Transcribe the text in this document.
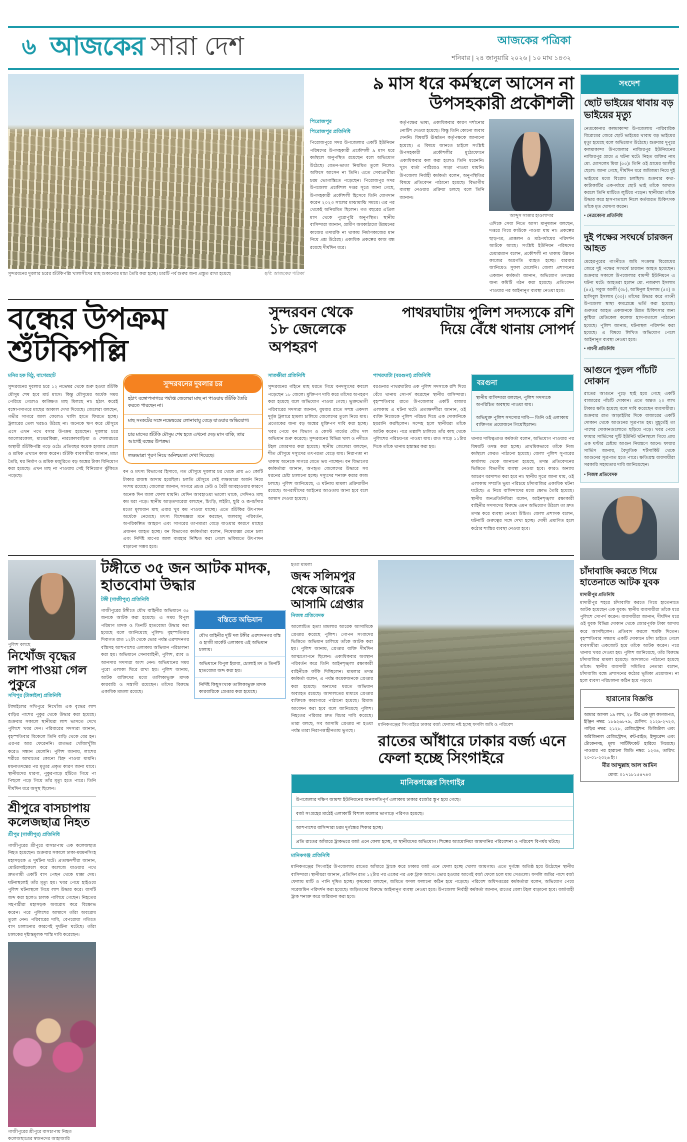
৬ আজকের সারা দেশ	আজকের পত্রিকা
শনিবার | ২৪ জানুয়ারি ২০২৬ | ১০ মাঘ ১৪৩২
ছবি: আজকের পত্রিকা
সুন্দরবনের দুবলার চরের শুঁটকিপল্লি খালাসীদের মাছ শুকানোর মাচা তৈরি করা হচ্ছে। চারটি পর্ব শুরুর জন্য প্রস্তুত রাখা হয়েছে
৯ মাস ধরে কর্মস্থলে আসেন না উপসহকারী প্রকৌশলী
পিরোজপুর
পিরোজপুর প্রতিনিধি
পিরোজপুরে সদর উপজেলার একটি ইউনিয়ন পরিষদের উপসহকারী প্রকৌশলী ৯ মাস ধরে কর্মস্থলে অনুপস্থিত রয়েছেন বলে অভিযোগ উঠেছে। বেতন-ভাতা নিয়মিত তুলে নিলেও অফিসে আসেন না তিনি। এতে সেবাপ্রার্থীরা চরম ভোগান্তিতে পড়েছেন। পিরোজপুর সদর উপজেলা প্রকৌশল দপ্তর সূত্রে জানা গেছে, উপসহকারী প্রকৌশলী হিসেবে তিনি যোগদান করেন ২০২৩ সালের মাঝামাঝি সময়ে। এর পর থেকেই অনিয়মিত ছিলেন। গত বছরের এপ্রিল মাস থেকে পুরোপুরি অনুপস্থিত। স্থানীয় বাসিন্দারা জানান, গ্রামীণ অবকাঠামো উন্নয়নের কাজের তদারকি না থাকায় নির্মাণকাজের মান নিয়ে প্রশ্ন উঠেছে। একাধিক প্রকল্পের কাজ বন্ধ রয়েছে দীর্ঘদিন ধরে।
কর্তৃপক্ষের ভাষ্য, একাধিকবার কারণ দর্শানোর নোটিশ দেওয়া হয়েছে। কিন্তু তিনি কোনো জবাব দেননি। বিষয়টি ঊর্ধ্বতন কর্তৃপক্ষকে জানানো হয়েছে। এ বিষয়ে জানতে চাইলে সংশ্লিষ্ট উপসহকারী প্রকৌশলীর মুঠোফোনে একাধিকবার কল করা হলেও তিনি ধরেননি। খুদে বার্তা পাঠিয়েও সাড়া পাওয়া যায়নি। উপজেলা নির্বাহী কর্মকর্তা বলেন, অনুপস্থিতির বিষয়ে প্রতিবেদন পাঠানো হয়েছে। বিভাগীয় ব্যবস্থা নেওয়ার প্রক্রিয়া চলছে বলে তিনি জানান।
আব্দুস সাত্তার হাওলাদার
এদিকে সেবা নিতে আসা মানুষজন বলছেন, দপ্তরে গিয়ে কাউকে পাওয়া যায় না। প্রকল্পের ছাড়পত্র, প্রাক্কলন ও মাঠপর্যায়ের পরিদর্শন আটকে আছে। সংশ্লিষ্ট ইউনিয়ন পরিষদের চেয়ারম্যান বলেন, প্রকৌশলী না থাকায় উন্নয়ন কাজের অগ্রগতি ব্যাহত হচ্ছে। বারবার জানিয়েও সুফল মেলেনি। জেলা প্রশাসনের একজন কর্মকর্তা জানান, অভিযোগ তদন্তের জন্য কমিটি গঠন করা হয়েছে। প্রতিবেদন পাওয়ার পর আইনানুগ ব্যবস্থা নেওয়া হবে।
বন্ধের উপক্রম শুঁটকিপল্লি
সুন্দরবন থেকে ১৮ জেলেকে অপহরণ
পাথরঘাটায় পুলিশ সদস্যকে রশি দিয়ে বেঁধে থানায় সোপর্দ
মনির হক মিঠু, বাগেরহাট
সুন্দরবনের দুবলার চরে ১২ নভেম্বর থেকে শুরু হওয়া শুঁটকি মৌসুম শেষ হবে মার্চ মাসে। কিন্তু মৌসুমের অর্ধেক সময় পেরিয়ে গেলেও কাঙ্ক্ষিত মাছ মিলছে না। হঠাৎ করেই বঙ্গোপসাগরে মাছের আকাল দেখা দিয়েছে। জেলেরা বলছেন, গভীর সাগরে জাল ফেলেও খালি হাতে ফিরতে হচ্ছে। ট্রলারের তেল খরচও উঠছে না। অনেকে ঋণ করে মৌসুমে এসে এখন পথে বসার উপক্রম হয়েছেন। দুবলার চরে আলোরকোল, মাঝেরকিল্লা, নারকেলবাড়িয়া ও শেলারচরে অস্থায়ী শুঁটকিপল্লি গড়ে ওঠে। প্রতিবছর কয়েক হাজার জেলে ও শ্রমিক এখানে কাজ করেন। শুঁটকি ব্যবসায়ীরা জানান, মাচা তৈরি, ঘর নির্মাণ ও শ্রমিক মজুরিতে বড় অঙ্কের টাকা বিনিয়োগ করা হয়েছে। এখন মাছ না পাওয়ায় সেই বিনিয়োগ ঝুঁকিতে পড়েছে।
সুন্দরবনের দুবলার চর
হঠাৎ বঙ্গোপসাগরে পর্যাপ্ত জেলেরা মাছ না পাওয়ায় শুঁটকি তৈরি করতে পারছেন না।
মাছ সংকটের সঙ্গে নভেম্বরের লোনাবায়ু বেড়ে যাওয়ার অভিযোগ।
চার মাসের শুঁটকি মৌসুম শেষ হতে এখনো দেড় মাস বাকি, তার আগেই বন্ধের উপক্রম।
লক্ষ্যমাত্রা পূরণ নিয়ে অনিশ্চয়তা দেখা দিয়েছে।
বন ও মৎস্য বিভাগের হিসাবে, গত মৌসুমে দুবলার চর থেকে প্রায় ৬০ কোটি টাকার রাজস্ব আদায় হয়েছিল। চলতি মৌসুমে সেই লক্ষ্যমাত্রা অর্জন নিয়ে সংশয় রয়েছে। জেলেরা জানান, সাগরে প্রচণ্ড ঢেউ ও বৈরী আবহাওয়ার কারণে অনেক দিন জাল ফেলা যায়নি। যেদিন আবহাওয়া ভালো থাকে, সেদিনও মাছ কম ধরা পড়ে। স্থানীয় আড়তদারেরা বলছেন, চিংড়ি, লইট্যা, ছুরি ও রূপচাঁদার মতো মূল্যবান মাছ এবার খুব কম পাওয়া যাচ্ছে। এতে শুঁটকির উৎপাদন অর্ধেকে নেমেছে। মৎস্য বিশেষজ্ঞরা মনে করছেন, জলবায়ু পরিবর্তন, অপরিকল্পিত আহরণ এবং সাগরের তাপমাত্রা বেড়ে যাওয়ার কারণে মাছের প্রজনন ব্যাহত হচ্ছে। বন বিভাগের কর্মকর্তারা বলেন, নিষেধাজ্ঞা মেনে চলা এবং নির্দিষ্ট মাপের জাল ব্যবহার নিশ্চিত করা গেলে ভবিষ্যতে উৎপাদন বাড়ানো সম্ভব হবে।
সাতক্ষীরা প্রতিনিধি
সুন্দরবনের গহিনে মাছ ধরতে গিয়ে বনদস্যুদের কবলে পড়েছেন ১৮ জেলে। মুক্তিপণ দাবি করে তাঁদের অপহরণ করা হয়েছে বলে অভিযোগ পাওয়া গেছে। ভুক্তভোগী পরিবারের সদস্যরা জানান, বুধবার রাতে সশস্ত্র একদল দুর্বৃত্ত ট্রলারে হামলা চালিয়ে জেলেদের তুলে নিয়ে যায়। প্রত্যেকের জন্য বড় অঙ্কের মুক্তিপণ দাবি করা হচ্ছে। খবর পেয়ে বন বিভাগ ও কোস্ট গার্ডের যৌথ দল অভিযান শুরু করেছে। সুন্দরবনের বিভিন্ন খাল ও নদীতে টহল জোরদার করা হয়েছে। স্থানীয় জেলেরা বলছেন, শীত মৌসুমে দস্যুদের তৎপরতা বেড়ে যায়। নিরাপত্তা না থাকায় অনেকে সাগরে যেতে ভয় পাচ্ছেন। বন বিভাগের কর্মকর্তারা জানান, অপহৃত জেলেদের উদ্ধারে সব ধরনের চেষ্টা চালানো হচ্ছে। দস্যুদের শনাক্ত করার কাজ চলছে। পুলিশ জানিয়েছে, এ ঘটনায় মামলা প্রক্রিয়াধীন রয়েছে। অপরাধীদের আইনের আওতায় আনা হবে বলে আশ্বাস দেওয়া হয়েছে।
পাথরঘাটা (বরগুনা) প্রতিনিধি
বরগুনার পাথরঘাটায় এক পুলিশ সদস্যকে রশি দিয়ে বেঁধে থানায় সোপর্দ করেছেন স্থানীয় বাসিন্দারা। বৃহস্পতিবার রাতে উপজেলার একটি বাজার এলাকায় এ ঘটনা ঘটে। প্রত্যক্ষদর্শীরা জানান, ওই ব্যক্তি নিজেকে পুলিশ পরিচয় দিয়ে এক দোকানিকে হয়রানি করছিলেন। সন্দেহ হলে স্থানীয়রা তাঁকে আটক করেন। পরে তল্লাশি চালিয়ে তাঁর কাছ থেকে পুলিশের পরিচয়পত্র পাওয়া যায়। রাত সাড়ে ১১টার দিকে তাঁকে থানায় হস্তান্তর করা হয়।
বরগুনা
স্থানীয় বাসিন্দারা বলছেন, পুলিশ সদস্যকে অপরিচিত অবস্থায় পাওয়া যায়।
অভিযুক্ত পুলিশ সদস্যের দাবি— তিনি ওই এলাকায় ব্যক্তিগত প্রয়োজনে গিয়েছিলেন।
থানার দায়িত্বপ্রাপ্ত কর্মকর্তা বলেন, অভিযোগ পাওয়ার পর বিষয়টি তদন্ত করা হচ্ছে। প্রাথমিকভাবে তাঁকে নিজ কর্মস্থলে ফেরত পাঠানো হয়েছে। জেলা পুলিশ সুপারের কার্যালয় থেকে জানানো হয়েছে, তদন্ত প্রতিবেদনের ভিত্তিতে বিভাগীয় ব্যবস্থা নেওয়া হবে। কারও অন্যায় আচরণ বরদাশত করা হবে না। স্থানীয় সূত্রে জানা যায়, ওই এলাকায় সম্প্রতি ভুয়া পরিচয়ে চাঁদাবাজির একাধিক ঘটনা ঘটেছে। এ নিয়ে বাসিন্দাদের মধ্যে ক্ষোভ তৈরি হয়েছে। স্থানীয় জনপ্রতিনিধিরা বলেন, আইনশৃঙ্খলা রক্ষাকারী বাহিনীর সদস্যদের বিরুদ্ধে এমন অভিযোগ উঠলে তা দ্রুত তদন্ত করে ব্যবস্থা নেওয়া উচিত। জেলা প্রশাসক বলেন, ঘটনাটি গুরুত্বের সঙ্গে দেখা হচ্ছে। দোষী প্রমাণিত হলে কঠোর শাস্তির ব্যবস্থা নেওয়া হবে।
পুলিশ বলছে
নিখোঁজ বৃদ্ধের লাশ পাওয়া গেল পুকুরে
সখিপুর (টাঙ্গাইল) প্রতিনিধি
টাঙ্গাইলের সখিপুরে নিখোঁজ এক বৃদ্ধের লাশ বাড়ির পাশের পুকুর থেকে উদ্ধার করা হয়েছে। শুক্রবার সকালে স্থানীয়রা লাশ ভাসতে দেখে পুলিশে খবর দেন। পরিবারের সদস্যরা জানান, বৃহস্পতিবার বিকেলে তিনি বাড়ি থেকে বের হন। এরপর আর ফেরেননি। রাতভর খোঁজাখুঁজি করেও সন্ধান মেলেনি। পুলিশ জানায়, লাশের শরীরে আঘাতের কোনো চিহ্ন পাওয়া যায়নি। ময়নাতদন্তের পর মৃত্যুর প্রকৃত কারণ জানা যাবে। স্থানীয়দের ধারণা, পুকুরপাড়ে হাঁটতে গিয়ে পা পিছলে পড়ে গিয়ে তাঁর মৃত্যু হতে পারে। তিনি দীর্ঘদিন ধরে অসুস্থ ছিলেন।
শ্রীপুরে বাসচাপায় কলেজছাত্র নিহত
শ্রীপুর (গাজীপুর) প্রতিনিধি
গাজীপুরের শ্রীপুরে বাসচাপায় এক কলেজছাত্র নিহত হয়েছেন। শুক্রবার সকালে ঢাকা-ময়মনসিংহ মহাসড়কে এ দুর্ঘটনা ঘটে। প্রত্যক্ষদর্শীরা জানান, মোটরসাইকেলে করে কলেজে যাওয়ার পথে দ্রুতগামী একটি বাস পেছন থেকে ধাক্কা দেয়। ঘটনাস্থলেই তাঁর মৃত্যু হয়। খবর পেয়ে হাইওয়ে পুলিশ ঘটনাস্থলে গিয়ে লাশ উদ্ধার করে। বাসটি জব্দ করা হলেও চালক পালিয়ে গেছেন। নিহতের সহপাঠীরা মহাসড়ক অবরোধ করে বিক্ষোভ করেন। পরে পুলিশের আশ্বাসে তাঁরা অবরোধ তুলে নেন। পরিবারের দাবি, বেপরোয়া গতিতে বাস চালানোর কারণেই দুর্ঘটনা ঘটেছে। তাঁরা চালকের দৃষ্টান্তমূলক শাস্তি দাবি করেছেন।
গাজীপুরের শ্রীপুরে বাসচাপায় নিহত কলেজছাত্রের স্বজনদের আহাজারি
টঙ্গীতে ৩৫ জন আটক মাদক, হাতবোমা উদ্ধার
টঙ্গী (গাজীপুর) প্রতিনিধি
গাজীপুরের টঙ্গীতে যৌথ বাহিনীর অভিযানে ৩৫ জনকে আটক করা হয়েছে। এ সময় বিপুল পরিমাণ মাদক ও তিনটি হাতবোমা উদ্ধার করা হয়েছে বলে জানিয়েছে পুলিশ। বৃহস্পতিবার দিবাগত রাত ১২টা থেকে ভোর পর্যন্ত এরশাদনগর বস্তিসহ আশপাশের এলাকায় অভিযান পরিচালনা করা হয়। অভিযানে সেনাবাহিনী, পুলিশ, র‍্যাব ও আনসার সদস্যরা অংশ নেন। অভিযানের সময় পুরো এলাকা ঘিরে রাখা হয়। পুলিশ জানায়, আটক ব্যক্তিদের মধ্যে তালিকাভুক্ত মাদক কারবারি ও সন্ত্রাসী রয়েছেন। তাঁদের বিরুদ্ধে একাধিক মামলা রয়েছে।
বস্তিতে অভিযান
যৌথ বাহিনীর দুটি দল টঙ্গীর এরশাদনগর বস্তি ও হাজী মার্কেট এলাকায় এই অভিযান চালায়।
অভিযানে বিপুল ইয়াবা, চোলাই মদ ও তিনটি হাতবোমা জব্দ করা হয়।
নির্দিষ্ট কিছুসংখ্যক তালিকাভুক্ত মাদক কারবারিকে গ্রেপ্তার করা হয়েছে।
হত্যা মামলা
জব্দ সলিমপুর থেকে আরেক আসামি গ্রেপ্তার
নিজস্ব প্রতিবেদক
আলোচিত হত্যা মামলার আরেক আসামিকে গ্রেপ্তার করেছে পুলিশ। গোপন সংবাদের ভিত্তিতে অভিযান চালিয়ে তাঁকে আটক করা হয়। পুলিশ জানায়, গ্রেপ্তার ব্যক্তি দীর্ঘদিন আত্মগোপনে ছিলেন। একাধিকবার অবস্থান পরিবর্তন করে তিনি আইনশৃঙ্খলা রক্ষাকারী বাহিনীকে ফাঁকি দিচ্ছিলেন। মামলার তদন্ত কর্মকর্তা বলেন, এ পর্যন্ত কয়েকজনকে গ্রেপ্তার করা হয়েছে। অন্যদের ধরতে অভিযান অব্যাহত রয়েছে। আদালতের মাধ্যমে গ্রেপ্তার ব্যক্তিকে কারাগারে পাঠানো হয়েছে। রিমান্ড আবেদন করা হবে বলে জানিয়েছে পুলিশ। নিহতের পরিবার দ্রুত বিচার দাবি করেছে। তারা বলছে, সব আসামি গ্রেপ্তার না হওয়া পর্যন্ত তারা নিরাপত্তাহীনতায় ভুগছে।
মানিকগঞ্জের সিংগাইরে ঢাকার বর্জ্য ফেলায় নষ্ট হচ্ছে ফসলি জমি ও পরিবেশ
রাতের আঁধারে ঢাকার বর্জ্য এনে ফেলা হচ্ছে সিংগাইরে
মানিকগঞ্জের সিংগাইর
উপজেলার দক্ষিণ জামশা ইউনিয়নের জনবসতিপূর্ণ এলাকায় ঢাকার বর্জ্যের স্তূপ হয়ে গেছে।
বর্জ্য সংগ্রহের মাঠেই এলাকাটি বিশাল ময়লার ভাগাড়ে পরিণত হয়েছে।
আশপাশের বাসিন্দারা চরম দুর্গন্ধের শিকার হচ্ছে।
প্রতি রাতের আঁধারে ট্রাকভরে বর্জ্য এনে ফেলা হচ্ছে, যা স্থানীয়দের অভিযোগ। শিল্পের অ্যামোনিয়া আমদানির পরিবেশনা ও পরিবেশ বিপর্যয় ঘটছে।
মানিকগঞ্জ প্রতিনিধি
মানিকগঞ্জের সিংগাইর উপজেলায় রাতের আঁধারে ট্রাকে করে ঢাকার বর্জ্য এনে ফেলা হচ্ছে খোলা জায়গায়। এতে দুর্গন্ধে অতিষ্ঠ হয়ে উঠেছেন স্থানীয় বাসিন্দারা। স্থানীয়রা জানান, প্রতিদিন রাত ১২টার পর একের পর এক ট্রাক আসে। ভোর হওয়ার আগেই বর্জ্য ফেলে চলে যায় সেগুলো। ফসলি জমির পাশে বর্জ্য ফেলায় মাটি ও পানি দূষিত হচ্ছে। কৃষকেরা বলছেন, জমিতে ফসল ফলানো কঠিন হয়ে পড়েছে। পরিবেশ অধিদপ্তরের কর্মকর্তারা বলেন, অভিযোগ পেয়ে সরেজমিন পরিদর্শন করা হয়েছে। জড়িতদের বিরুদ্ধে আইনানুগ ব্যবস্থা নেওয়া হবে। উপজেলা নির্বাহী কর্মকর্তা জানান, রাতের বেলা টহল বাড়ানো হবে। বর্জ্যবাহী ট্রাক শনাক্ত করে জরিমানা করা হবে।
সংদেশ
ছোট ভাইয়ের থাবায় বড় ভাইয়ের মৃত্যু
নেত্রকোনার কলমাকান্দা উপজেলায় পারিবারিক বিরোধের জেরে ছোট ভাইয়ের থাবায় বড় ভাইয়ের মৃত্যু হয়েছে বলে অভিযোগ উঠেছে। শুক্রবার দুপুরে কলমাকান্দা উপজেলার নাজিরপুর ইউনিয়নের নাজিরপুর গ্রামে এ ঘটনা ঘটে। নিহত ব্যক্তির নাম মো. মোসলেম মিয়া (৫৫)। তিনি ওই গ্রামের আলীর ছেলে। জানা গেছে, দীর্ঘদিন ধরে জমিজমা নিয়ে দুই ভাইয়ের মধ্যে বিরোধ চলছিল। শুক্রবার কথা-কাটাকাটির একপর্যায়ে ছোট ভাই তাঁকে আঘাত করলে তিনি মাটিতে লুটিয়ে পড়েন। স্থানীয়রা তাঁকে উদ্ধার করে হাসপাতালে নিলে কর্তব্যরত চিকিৎসক তাঁকে মৃত ঘোষণা করেন।
• নেত্রকোনা প্রতিনিধি
দুই পক্ষের সংঘর্ষে চারজন আহত
মেহেরপুরের গাংনীতে জমি সংক্রান্ত বিরোধের জেরে দুই পক্ষের সংঘর্ষে চারজন আহত হয়েছেন। শুক্রবার সকালে উপজেলার বামন্দী ইউনিয়নে এ ঘটনা ঘটে। আহতরা হলেন মো. নজরুল ইসলাম (৪৫), সবুজ আলী (৩৮), আমিনুল ইসলাম (৫০) ও হাসিবুল ইসলাম (৩০)। তাঁদের উদ্ধার করে গাংনী উপজেলা স্বাস্থ্য কমপ্লেক্সে ভর্তি করা হয়েছে। গুরুতর আহত একজনকে উন্নত চিকিৎসার জন্য কুষ্টিয়া মেডিকেল কলেজ হাসপাতালে পাঠানো হয়েছে। পুলিশ জানায়, ঘটনাস্থল পরিদর্শন করা হয়েছে। এ বিষয়ে লিখিত অভিযোগ পেলে আইনানুগ ব্যবস্থা নেওয়া হবে।
• গাংনী প্রতিনিধি
আগুনে পুড়ল পাঁচটি দোকান
রাতের আগুনে পুড়ে ছাই হয়ে গেছে একটি বাজারের পাঁচটি দোকান। এতে অন্তত ২০ লাখ টাকার ক্ষতি হয়েছে বলে দাবি করেছেন ব্যবসায়ীরা। শুক্রবার রাত আড়াইটার দিকে বাজারের একটি দোকান থেকে আগুনের সূত্রপাত হয়। মুহূর্তেই তা পাশের দোকানগুলোতে ছড়িয়ে পড়ে। খবর পেয়ে ফায়ার সার্ভিসের দুটি ইউনিট ঘটনাস্থলে গিয়ে প্রায় এক ঘণ্টার চেষ্টায় আগুন নিয়ন্ত্রণে আনে। ফায়ার সার্ভিস জানায়, বৈদ্যুতিক শর্টসার্কিট থেকে আগুনের সূত্রপাত হতে পারে। ক্ষতিগ্রস্ত ব্যবসায়ীরা সরকারি সহায়তার দাবি জানিয়েছেন।
• নিজস্ব প্রতিবেদক
চাঁদাবাজি করতে গিয়ে হাতেনাতে আটক যুবক
মাদারীপুর প্রতিনিধি
মাদারীপুর শহরে চাঁদাবাজি করতে গিয়ে হাতেনাতে আটক হয়েছেন এক যুবক। স্থানীয় ব্যবসায়ীরা তাঁকে ধরে পুলিশে সোপর্দ করেন। ব্যবসায়ীরা জানান, দীর্ঘদিন ধরে ওই যুবক বিভিন্ন দোকান থেকে জোরপূর্বক টাকা আদায় করে আসছিলেন। প্রতিবাদ করলে হুমকি দিতেন। বৃহস্পতিবার সন্ধ্যায় একটি দোকানে চাঁদা চাইতে গেলে ব্যবসায়ীরা একজোট হয়ে তাঁকে আটক করেন। পরে থানায় খবর দেওয়া হয়। পুলিশ জানিয়েছে, তাঁর বিরুদ্ধে চাঁদাবাজির মামলা হয়েছে। আদালতে পাঠানো হয়েছে তাঁকে। স্থানীয় ব্যবসায়ী সমিতির নেতারা বলেন, চাঁদাবাজি বন্ধে প্রশাসনের কঠোর ভূমিকা প্রয়োজন। না হলে ব্যবসা পরিচালনা কঠিন হয়ে পড়বে।
হারানোর বিজ্ঞপ্তি
আমার আসল ১৯ লাখ, ২৮ টির এক মূল কাগজপত্র, ইঞ্জিন নম্বর: ১৮৯২৬৮৭৯, চেসিস: ২১২৯-২৭২৩, গাড়ির নম্বর: ২১২৮, রেজিস্ট্রেশন: ডিজিটাল এবং অরিজিনাল রেজিস্ট্রেশন, রুট-রাইড, ইন্স্যুরেন্স এবং টোকেনসহ, মূল্য সার্টিফিকেট হারিয়ে গিয়েছে। পাওয়ার পর হারানো জিডি নম্বর: ১২৩৪, তারিখ: ২০-০১-২০২৬ ইং।
মীর আব্দুল্লাহ আল আমিন
মোবা: ০১৭১৮১৫৪৭৪৩
